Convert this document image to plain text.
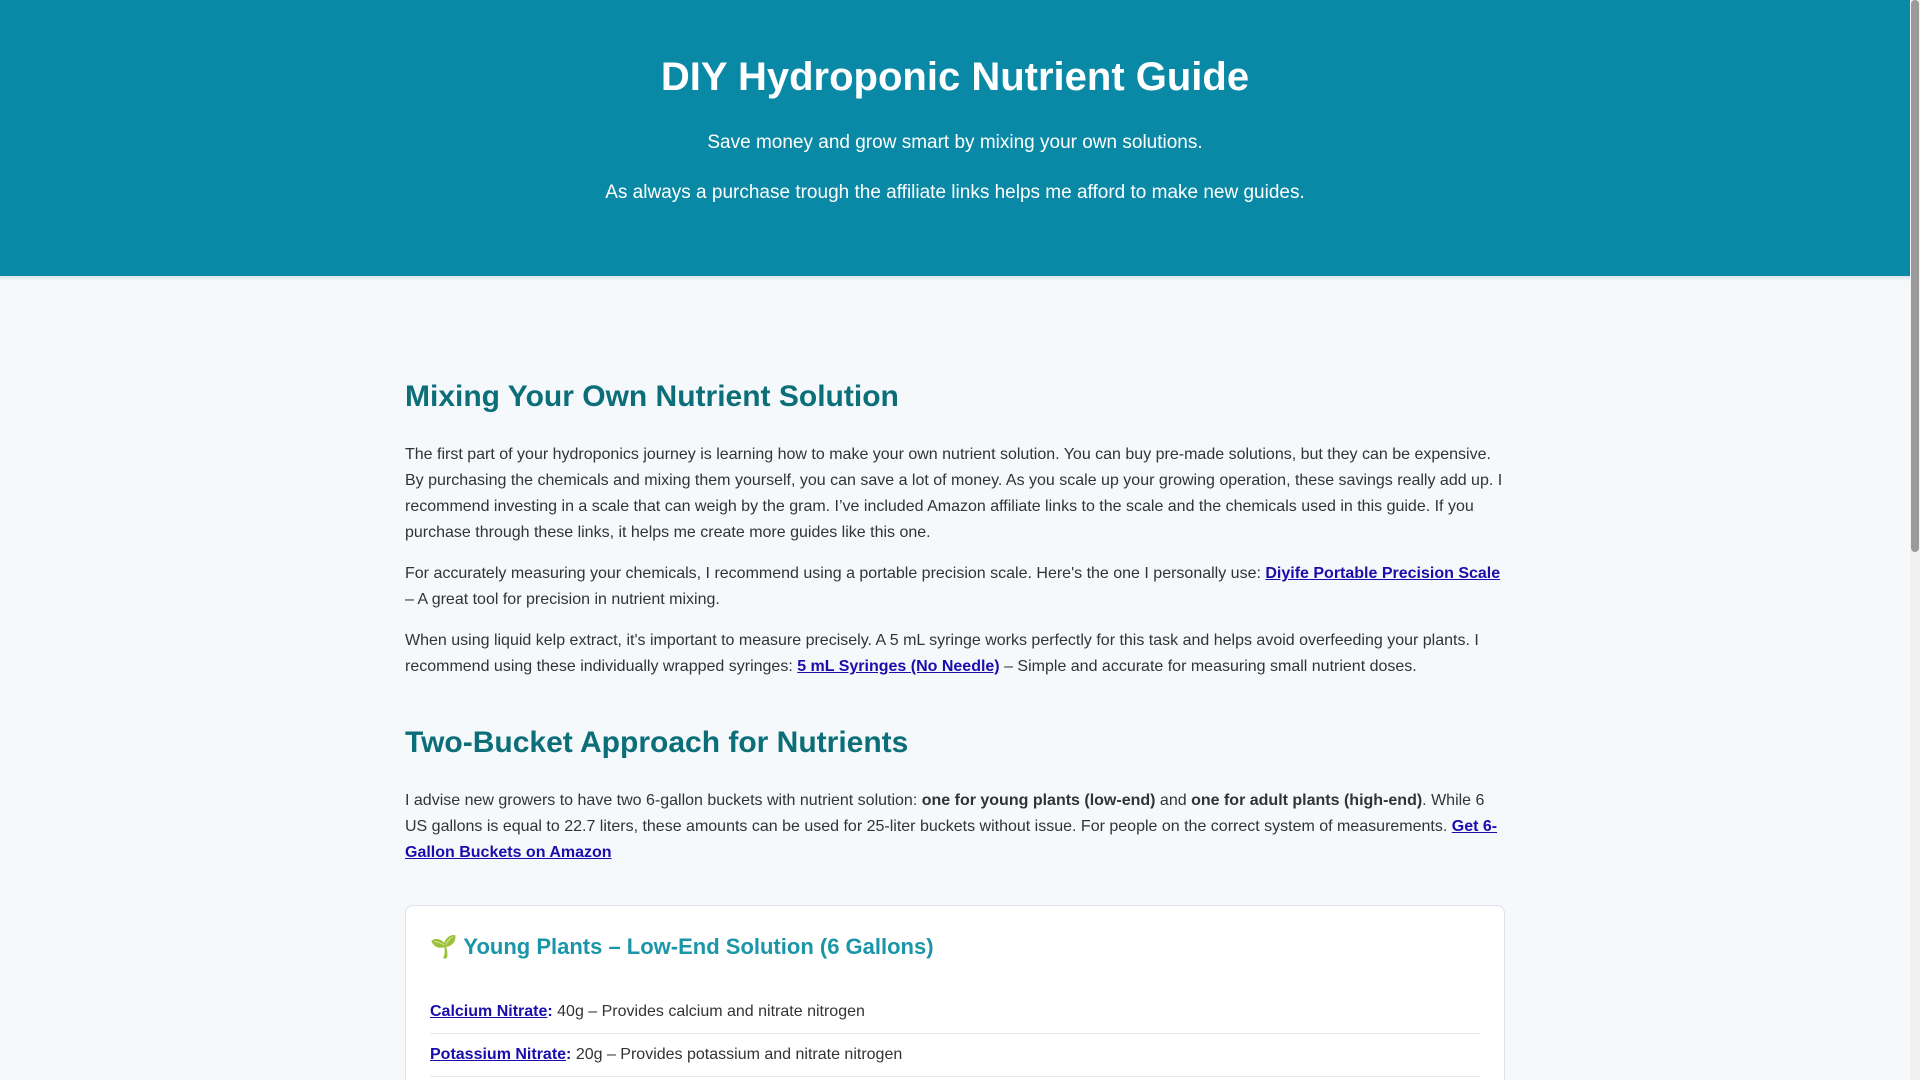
DIY Hydroponic Nutrient Guide

Save money and grow smart by mixing your own solutions.

As always a purchase trough the affiliate links helps me afford to make new guides.

Mixing Your Own Nutrient Solution

The first part of your hydroponics journey is learning how to make your own nutrient solution. You can buy pre-made solutions, but they can be expensive. By purchasing the chemicals and mixing them yourself, you can save a lot of money. As you scale up your growing operation, these savings really add up. I recommend investing in a scale that can weigh by the gram. I’ve included Amazon affiliate links to the scale and the chemicals used in this guide. If you purchase through these links, it helps me create more guides like this one.

For accurately measuring your chemicals, I recommend using a portable precision scale. Here's the one I personally use: Diyife Portable Precision Scale – A great tool for precision in nutrient mixing.

When using liquid kelp extract, it's important to measure precisely. A 5 mL syringe works perfectly for this task and helps avoid overfeeding your plants. I recommend using these individually wrapped syringes: 5 mL Syringes (No Needle) – Simple and accurate for measuring small nutrient doses.

Two-Bucket Approach for Nutrients

I advise new growers to have two 6-gallon buckets with nutrient solution: one for young plants (low-end) and one for adult plants (high-end). While 6 US gallons is equal to 22.7 liters, these amounts can be used for 25-liter buckets without issue. For people on the correct system of measurements. Get 6-Gallon Buckets on Amazon

🌱 Young Plants – Low-End Solution (6 Gallons)
Calcium Nitrate: 40g – Provides calcium and nitrate nitrogen
Potassium Nitrate: 20g – Provides potassium and nitrate nitrogen
